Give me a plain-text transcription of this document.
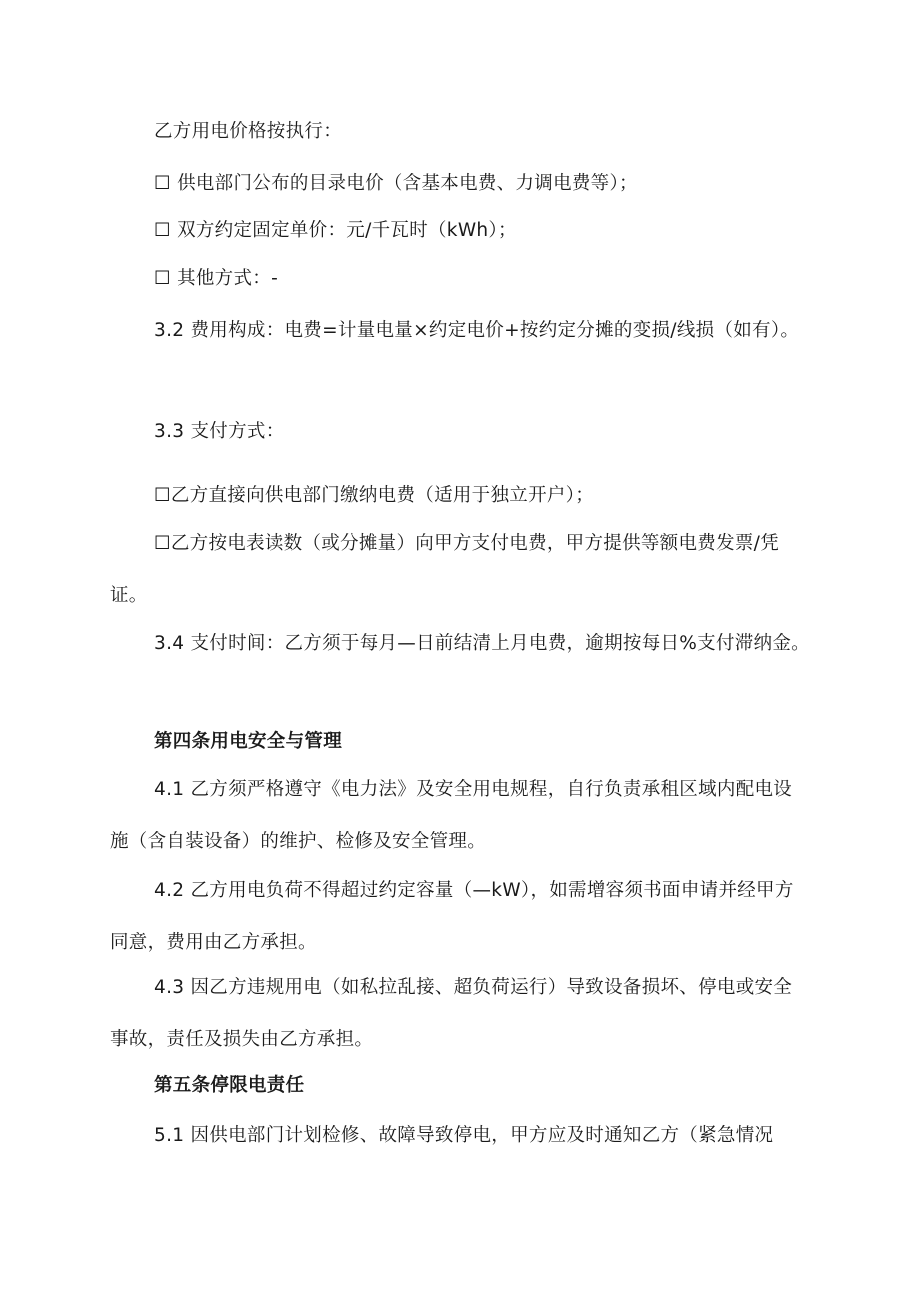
乙方用电价格按执行：

☐ 供电部门公布的目录电价（含基本电费、力调电费等）；

☐ 双方约定固定单价：元/千瓦时（kWh）；

☐ 其他方式：-

3.2 费用构成：电费=计量电量×约定电价+按约定分摊的变损/线损（如有）。

3.3 支付方式：

☐乙方直接向供电部门缴纳电费（适用于独立开户）；

☐乙方按电表读数（或分摊量）向甲方支付电费，甲方提供等额电费发票/凭证。

3.4 支付时间：乙方须于每月—日前结清上月电费，逾期按每日%支付滞纳金。

第四条用电安全与管理

4.1 乙方须严格遵守《电力法》及安全用电规程，自行负责承租区域内配电设施（含自装设备）的维护、检修及安全管理。

4.2 乙方用电负荷不得超过约定容量（—kW），如需增容须书面申请并经甲方同意，费用由乙方承担。

4.3 因乙方违规用电（如私拉乱接、超负荷运行）导致设备损坏、停电或安全事故，责任及损失由乙方承担。

第五条停限电责任

5.1 因供电部门计划检修、故障导致停电，甲方应及时通知乙方（紧急情况
